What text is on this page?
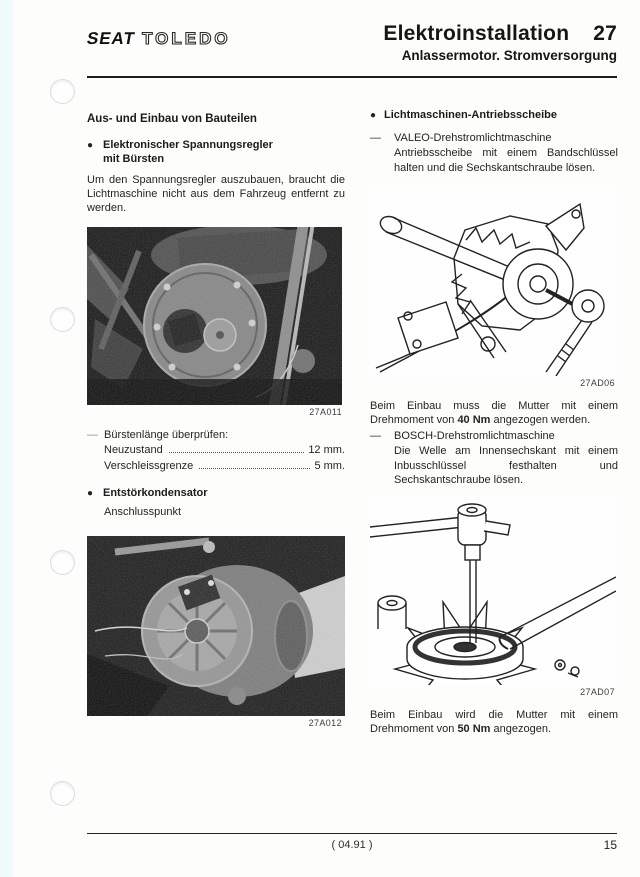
SEAT TOLEDO	Elektroinstallation 27
Anlassermotor. Stromversorgung
Aus- und Einbau von Bauteilen
● Elektronischer Spannungsregler
mit Bürsten
Um den Spannungsregler auszubauen, braucht die Lichtmaschine nicht aus dem Fahrzeug entfernt zu werden.
27A011
— Bürstenlänge überprüfen:
Neuzustand	12 mm.
Verschleissgrenze	5 mm.
● Entstörkondensator
Anschlusspunkt
27A012
● Lichtmaschinen-Antriebsscheibe
—	VALEO-Drehstromlichtmaschine
Antriebsscheibe mit einem Bandschlüssel halten und die Sechskantschraube lösen.
27AD06
Beim Einbau muss die Mutter mit einem Drehmoment von 40 Nm angezogen werden.
—	BOSCH-Drehstromlichtmaschine
Die Welle am Innensechskant mit einem Inbusschlüssel festhalten und Sechskantschraube lösen.
27AD07
Beim Einbau wird die Mutter mit einem Drehmoment von 50 Nm angezogen.
( 04.91 )	15
